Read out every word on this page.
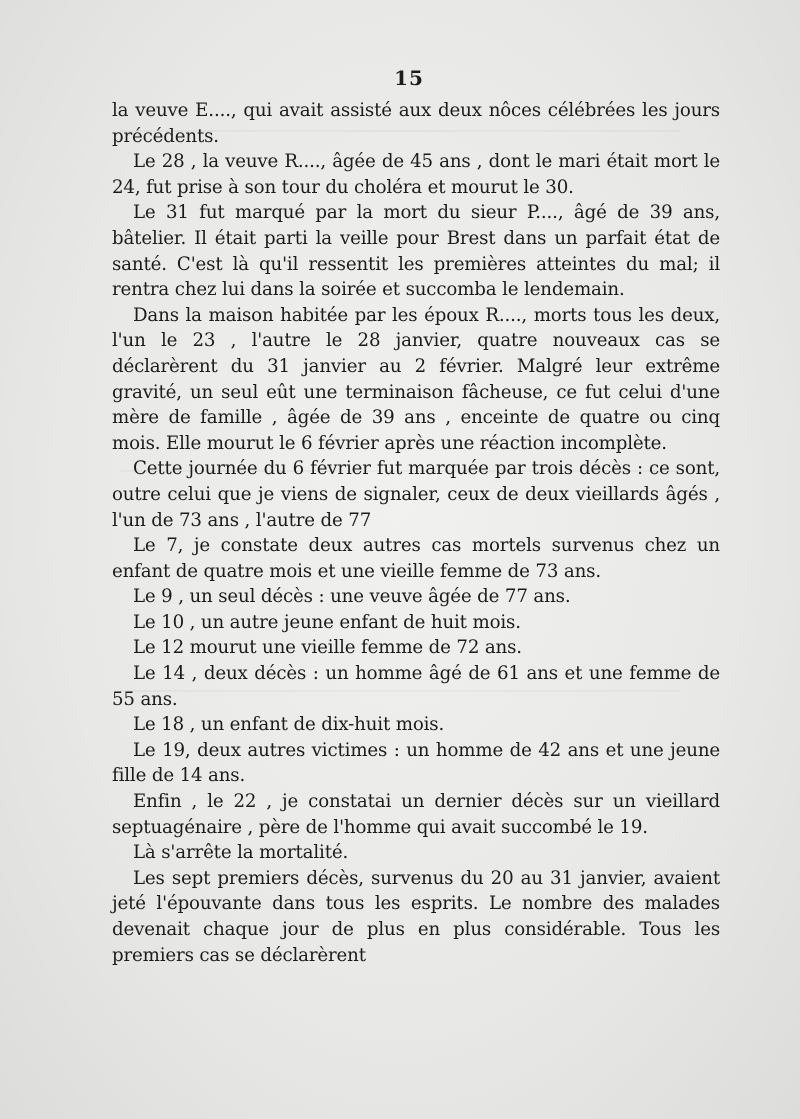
15

la veuve E...., qui avait assisté aux deux nôces célébrées les jours précédents.

Le 28 , la veuve R...., âgée de 45 ans , dont le mari était mort le 24, fut prise à son tour du choléra et mourut le 30.

Le 31 fut marqué par la mort du sieur P...., âgé de 39 ans, bâtelier. Il était parti la veille pour Brest dans un parfait état de santé. C'est là qu'il ressentit les premières atteintes du mal; il rentra chez lui dans la soirée et succomba le lendemain.

Dans la maison habitée par les époux R...., morts tous les deux, l'un le 23 , l'autre le 28 janvier, quatre nouveaux cas se déclarèrent du 31 janvier au 2 février. Malgré leur extrême gravité, un seul eût une terminaison fâcheuse, ce fut celui d'une mère de famille , âgée de 39 ans , enceinte de quatre ou cinq mois. Elle mourut le 6 février après une réaction incomplète.

Cette journée du 6 février fut marquée par trois décès : ce sont, outre celui que je viens de signaler, ceux de deux vieillards âgés , l'un de 73 ans , l'autre de 77

Le 7, je constate deux autres cas mortels survenus chez un enfant de quatre mois et une vieille femme de 73 ans.

Le 9 , un seul décès : une veuve âgée de 77 ans.

Le 10 , un autre jeune enfant de huit mois.

Le 12 mourut une vieille femme de 72 ans.

Le 14 , deux décès : un homme âgé de 61 ans et une femme de 55 ans.

Le 18 , un enfant de dix-huit mois.

Le 19, deux autres victimes : un homme de 42 ans et une jeune fille de 14 ans.

Enfin , le 22 , je constatai un dernier décès sur un vieillard septuagénaire , père de l'homme qui avait succombé le 19.

Là s'arrête la mortalité.

Les sept premiers décès, survenus du 20 au 31 janvier, avaient jeté l'épouvante dans tous les esprits. Le nombre des malades devenait chaque jour de plus en plus considérable. Tous les premiers cas se déclarèrent
